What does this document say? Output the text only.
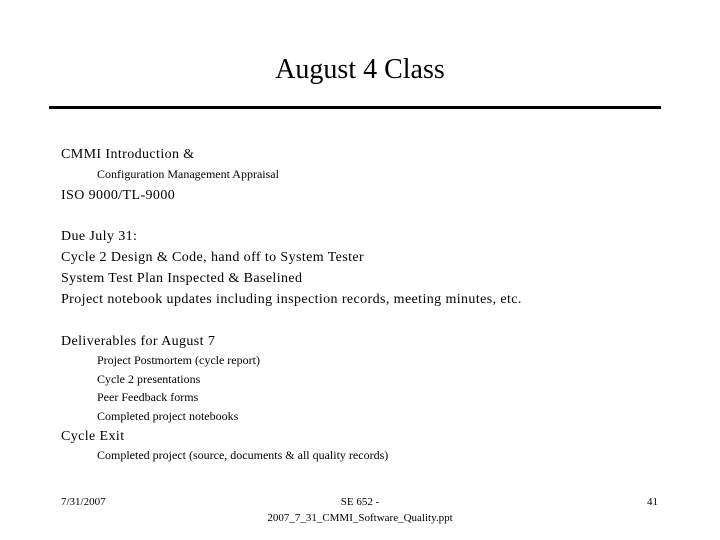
August 4 Class
CMMI Introduction &
Configuration Management Appraisal
ISO 9000/TL-9000
Due July 31:
Cycle 2 Design & Code, hand off to System Tester
System Test Plan Inspected & Baselined
Project notebook updates including inspection records, meeting minutes, etc.
Deliverables for August 7
Project Postmortem (cycle report)
Cycle 2 presentations
Peer Feedback forms
Completed project notebooks
Cycle Exit
Completed project (source, documents & all quality records)
7/31/2007	SE 652 -
2007_7_31_CMMI_Software_Quality.ppt
41
